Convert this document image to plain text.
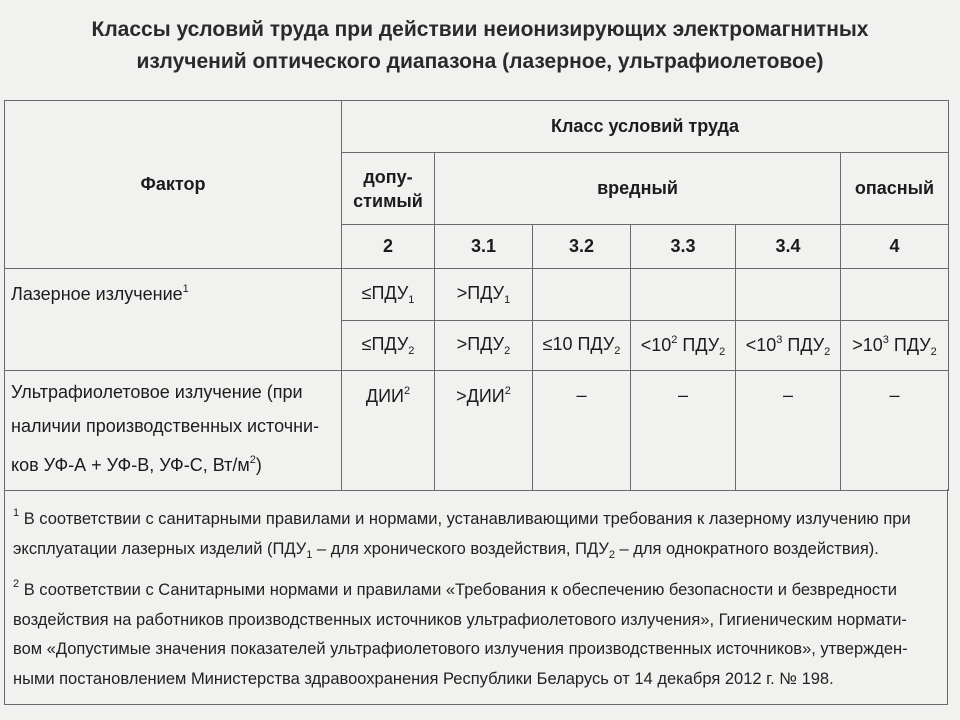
Классы условий труда при действии неионизирующих электромагнитных
излучений оптического диапазона (лазерное, ультрафиолетовое)
Фактор	Класс условий труда					
	допу-стимый	вредный				опасный
	2	3.1	3.2	3.3	3.4	4
Лазерное излучение$^1$	$\le ПДУ_1$	$>ПДУ_1$				
	$\le ПДУ_2$	$>ПДУ_2$	≤10 $ПДУ_2$	$<10^2$ $ПДУ_2$	$<10^3$ $ПДУ_2$	$>10^3$ $ПДУ_2$

Ультрафиолетовое излучение (при
наличии производственных источни-
ков УФ-А + УФ-В, УФ-С, $Вт/м^2$)	$ДИИ^2$	$>ДИИ^2$	–	–	–	–

$^1$ В соответствии с санитарными правилами и нормами, устанавливающими требования к лазерному излучению при

эксплуатации лазерных изделий ($ПДУ_1$ – для хронического воздействия, $ПДУ_2$ – для однократного воздействия).

$^2$ В соответствии с Санитарными нормами и правилами «Требования к обеспечению безопасности и безвредности

воздействия на работников производственных источников ультрафиолетового излучения», Гигиеническим нормати-

вом «Допустимые значения показателей ультрафиолетового излучения производственных источников», утвержден-

ными постановлением Министерства здравоохранения Республики Беларусь от 14 декабря 2012 г. № 198.
